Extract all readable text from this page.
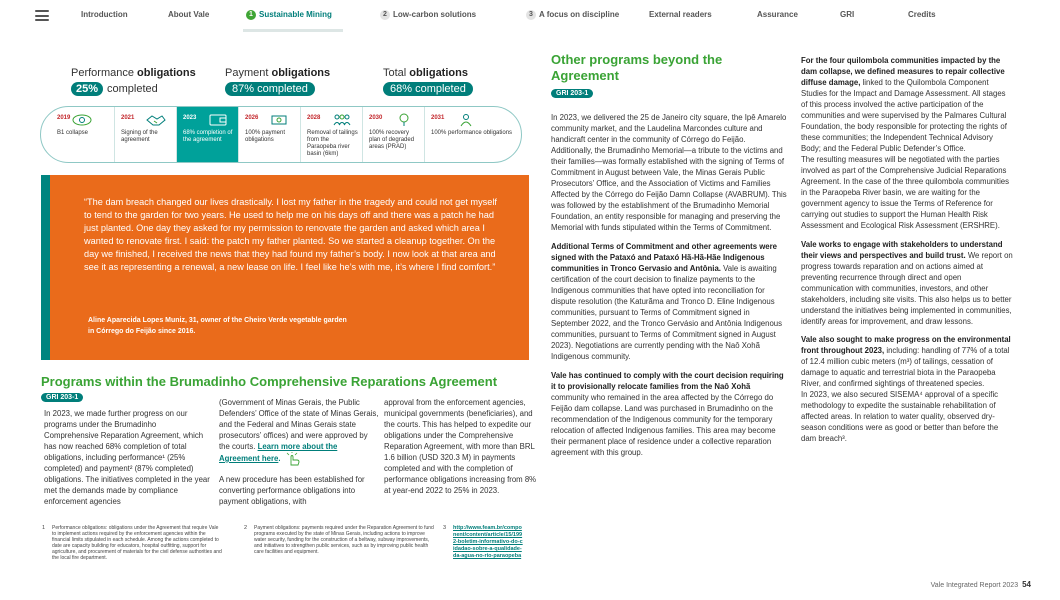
Introduction	About Vale	1 Sustainable Mining	2 Low-carbon solutions	3 A focus on discipline	External readers	Assurance	GRI	Credits
Performance obligations
25% completed
Payment obligations
87% completed
Total obligations
68% completed
2019
B1 collapse
2021
Signing of the agreement
2023
68% completion of the agreement
2026
100% payment obligations
2028
Removal of tailings from the Paraopeba river basin (6km)
2030
100% recovery plan of degraded areas (PRAD)
2031
100% performance obligations
“The dam breach changed our lives drastically. I lost my father in the tragedy and could not get myself to tend to the garden for two years. He used to help me on his days off and there was a patch he had just planted. One day they asked for my permission to renovate the garden and asked which area I wanted to renovate first. I said: the patch my father planted. So we started a cleanup together. On the day we finished, I received the news that they had found my father’s body. I now look at that area and see it as representing a renewal, a new lease on life. I feel like he’s with me, it’s where I find comfort.”
Aline Aparecida Lopes Muniz, 31, owner of the Cheiro Verde vegetable garden in Córrego do Feijão since 2016.
Programs within the Brumadinho Comprehensive Reparations Agreement
GRI 203-1
In 2023, we made further progress on our programs under the Brumadinho Comprehensive Reparation Agreement, which has now reached 68% completion of total obligations, including performance¹ (25% completed) and payment² (87% completed) obligations. The initiatives completed in the year met the demands made by compliance enforcement agencies
(Government of Minas Gerais, the Public Defenders’ Office of the state of Minas Gerais, and the Federal and Minas Gerais state prosecutors’ offices) and were approved by the courts. Learn more about the Agreement here.
A new procedure has been established for converting performance obligations into payment obligations, with
approval from the enforcement agencies, municipal governments (beneficiaries), and the courts. This has helped to expedite our obligations under the Comprehensive Reparation Agreement, with more than BRL 1.6 billion (USD 320.3 M) in payments completed and with the completion of performance obligations increasing from 8% at year-end 2022 to 25% in 2023.
1 Performance obligations: obligations under the Agreement that require Vale to implement actions required by the enforcement agencies within the financial limits stipulated in each schedule. Among the actions completed to date are capacity building for educators, hospital outfitting, support for agriculture, and procurement of materials for the civil defense authorities and the local fire department.
2 Payment obligations: payments required under the Reparation Agreement to fund programs executed by the state of Minas Gerais, including actions to improve water security, funding for the construction of a beltway, subway improvements, and initiatives to strengthen public services, such as by improving public health care facilities and equipment.
3 http://www.feam.br/component/content/article/15/1992-boletim-informativo-do-cidadao-sobre-a-qualidade-da-agua-no-rio-paraopeba
Other programs beyond the Agreement
GRI 203-1

In 2023, we delivered the 25 de Janeiro city square, the Ipê Amarelo community market, and the Laudelina Marcondes culture and handicraft center in the community of Córrego do Feijão. Additionally, the Brumadinho Memorial—a tribute to the victims and their families—was formally established with the signing of Terms of Commitment in August between Vale, the Minas Gerais Public Prosecutors’ Office, and the Association of Victims and Families Affected by the Córrego do Feijão Damn Collapse (AVABRUM). This was followed by the establishment of the Brumadinho Memorial Foundation, an entity responsible for managing and preserving the Memorial with funds stipulated within the Terms of Commitment.

Additional Terms of Commitment and other agreements were signed with the Pataxó and Pataxó Hã-Hã-Hãe Indigenous communities in Tronco Gervasio and Antônia. Vale is awaiting certification of the court decision to finalize payments to the Indigenous communities that have opted into reconciliation for dispute resolution (the Katurãma and Tronco D. Eline Indigenous communities, pursuant to Terms of Commitment signed in September 2022, and the Tronco Gervásio and Antônia Indigenous communities, pursuant to Terms of Commitment signed in August 2023). Negotiations are currently pending with the Naô Xohã Indigenous community.

Vale has continued to comply with the court decision requiring it to provisionally relocate families from the Naô Xohã community who remained in the area affected by the Córrego do Feijão dam collapse. Land was purchased in Brumadinho on the recommendation of the Indigenous community for the temporary relocation of affected Indigenous families. This area may become their permanent place of residence under a collective reparation agreement with this group.

For the four quilombola communities impacted by the dam collapse, we defined measures to repair collective diffuse damage, linked to the Quilombola Component Studies for the Impact and Damage Assessment. All stages of this process involved the active participation of the communities and were supervised by the Palmares Cultural Foundation, the body responsible for protecting the rights of these communities; the Independent Technical Advisory Body; and the Federal Public Defender’s Office.

The resulting measures will be negotiated with the parties involved as part of the Comprehensive Judicial Reparations Agreement. In the case of the three quilombola communities in the Paraopeba River basin, we are waiting for the government agency to issue the Terms of Reference for carrying out studies to support the Human Health Risk Assessment and Ecological Risk Assessment (ERSHRE).

Vale works to engage with stakeholders to understand their views and perspectives and build trust. We report on progress towards reparation and on actions aimed at preventing recurrence through direct and open communication with communities, investors, and other stakeholders, including site visits. This also helps us to better understand the initiatives being implemented in communities, identify areas for improvement, and draw lessons.

Vale also sought to make progress on the environmental front throughout 2023, including: handling of 77% of a total of 12.4 million cubic meters (m³) of tailings, cessation of damage to aquatic and terrestrial biota in the Paraopeba River, and confirmed sightings of threatened species.

In 2023, we also secured SISEMA⁴ approval of a specific methodology to expedite the sustainable rehabilitation of affected areas. In relation to water quality, observed dry-season conditions were as good or better than before the dam breach³.

Vale Integrated Report 2023 54
